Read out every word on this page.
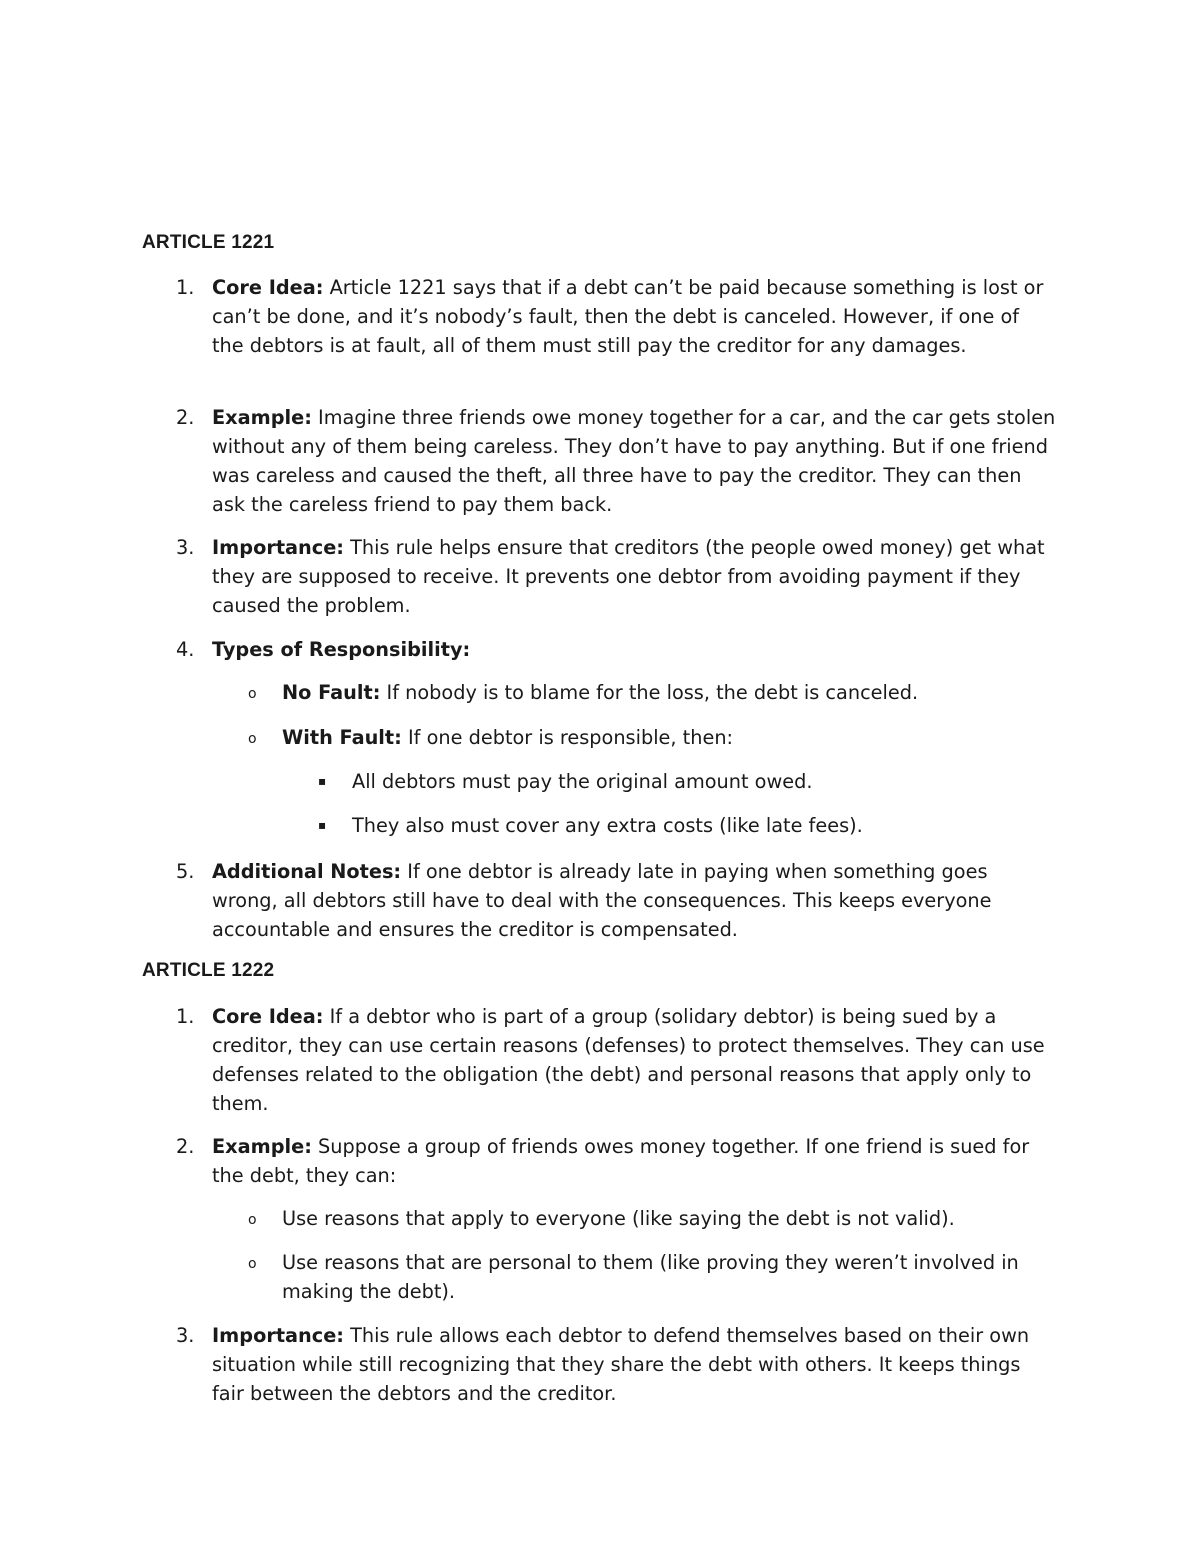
ARTICLE 1221
1. Core Idea: Article 1221 says that if a debt can’t be paid because something is lost or can’t be done, and it’s nobody’s fault, then the debt is canceled. However, if one of the debtors is at fault, all of them must still pay the creditor for any damages.
2. Example: Imagine three friends owe money together for a car, and the car gets stolen without any of them being careless. They don’t have to pay anything. But if one friend was careless and caused the theft, all three have to pay the creditor. They can then ask the careless friend to pay them back.
3. Importance: This rule helps ensure that creditors (the people owed money) get what they are supposed to receive. It prevents one debtor from avoiding payment if they caused the problem.
4. Types of Responsibility:
o No Fault: If nobody is to blame for the loss, the debt is canceled.
o With Fault: If one debtor is responsible, then:
▪ All debtors must pay the original amount owed.
▪ They also must cover any extra costs (like late fees).
5. Additional Notes: If one debtor is already late in paying when something goes wrong, all debtors still have to deal with the consequences. This keeps everyone accountable and ensures the creditor is compensated.
ARTICLE 1222
1. Core Idea: If a debtor who is part of a group (solidary debtor) is being sued by a creditor, they can use certain reasons (defenses) to protect themselves. They can use defenses related to the obligation (the debt) and personal reasons that apply only to them.
2. Example: Suppose a group of friends owes money together. If one friend is sued for the debt, they can:
o Use reasons that apply to everyone (like saying the debt is not valid).
o Use reasons that are personal to them (like proving they weren’t involved in making the debt).
3. Importance: This rule allows each debtor to defend themselves based on their own situation while still recognizing that they share the debt with others. It keeps things fair between the debtors and the creditor.
